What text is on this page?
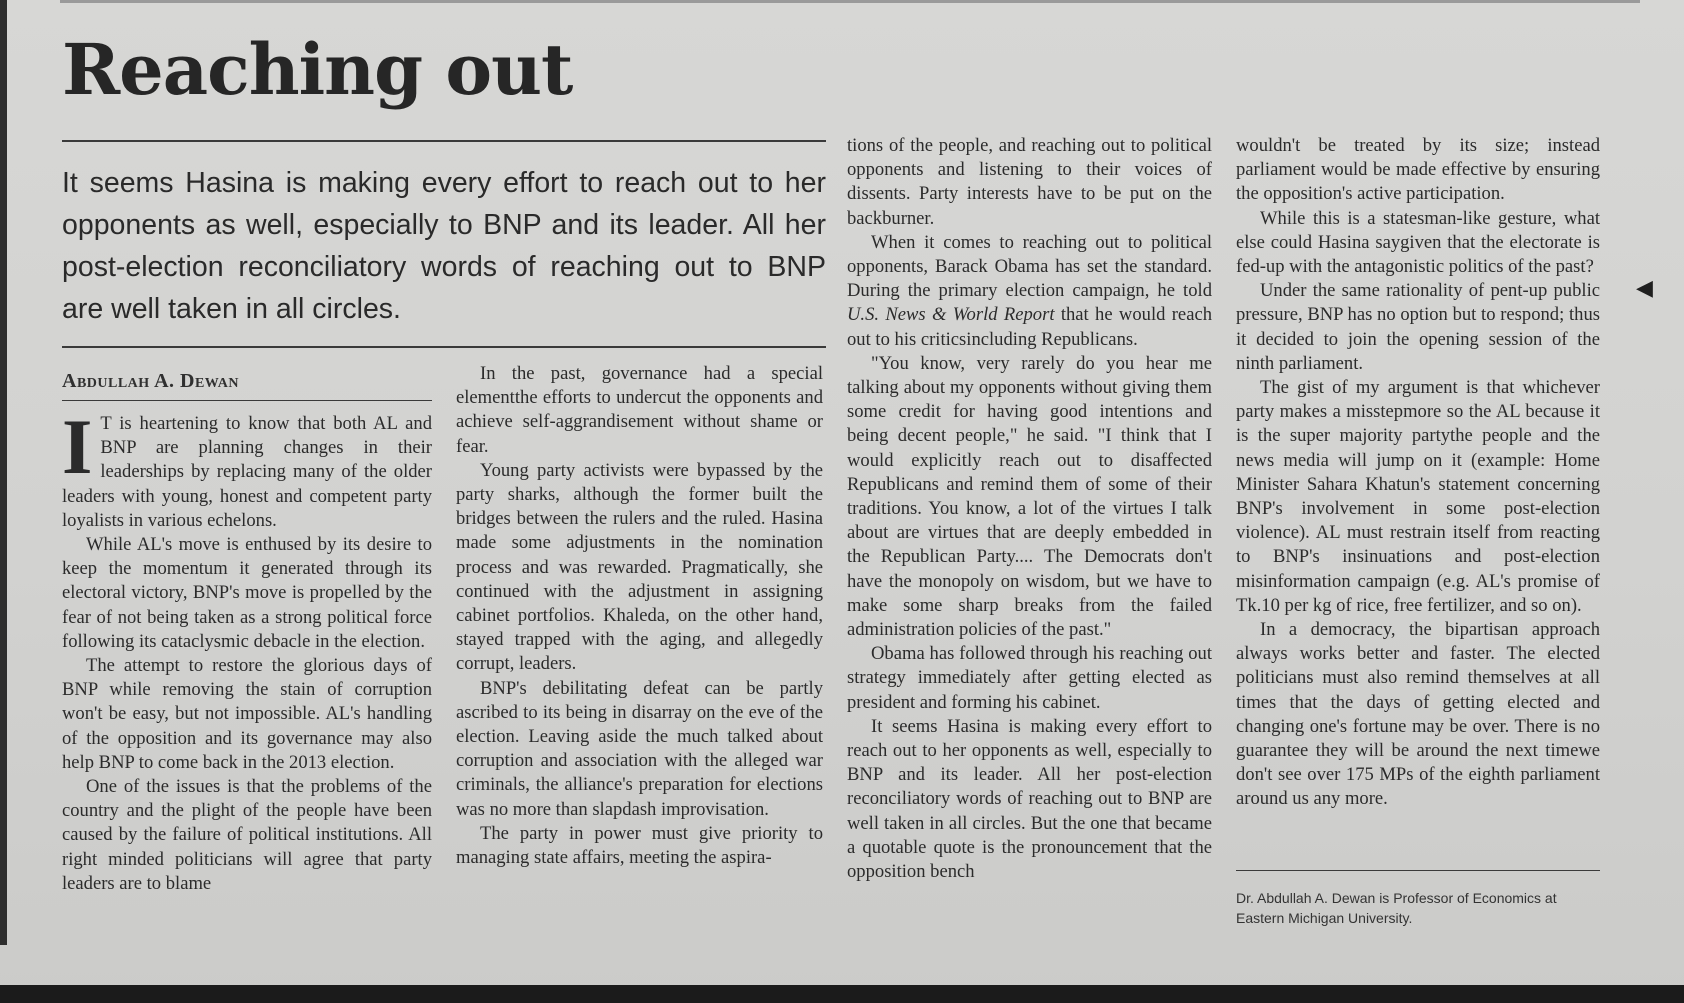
Reaching out

It seems Hasina is making every effort to reach out to her opponents as well, especially to BNP and its leader. All her post-election reconciliatory words of reaching out to BNP are well taken in all circles.

Abdullah A. Dewan

I T is heartening to know that both AL and BNP are planning changes in their leaderships by replacing many of the older leaders with young, honest and competent party loyalists in various echelons.

While AL's move is enthused by its desire to keep the momentum it generated through its electoral victory, BNP's move is propelled by the fear of not being taken as a strong political force following its cataclysmic debacle in the election.

The attempt to restore the glorious days of BNP while removing the stain of corruption won't be easy, but not impossible. AL's handling of the opposition and its governance may also help BNP to come back in the 2013 election.

One of the issues is that the problems of the country and the plight of the people have been caused by the failure of political institutions. All right minded politicians will agree that party leaders are to blame

In the past, governance had a special elementthe efforts to undercut the opponents and achieve self-aggrandisement without shame or fear.

Young party activists were bypassed by the party sharks, although the former built the bridges between the rulers and the ruled. Hasina made some adjustments in the nomination process and was rewarded. Pragmatically, she continued with the adjustment in assigning cabinet portfolios. Khaleda, on the other hand, stayed trapped with the aging, and allegedly corrupt, leaders.

BNP's debilitating defeat can be partly ascribed to its being in disarray on the eve of the election. Leaving aside the much talked about corruption and association with the alleged war criminals, the alliance's preparation for elections was no more than slapdash improvisation.

The party in power must give priority to managing state affairs, meeting the aspira-

tions of the people, and reaching out to political opponents and listening to their voices of dissents. Party interests have to be put on the backburner.

When it comes to reaching out to political opponents, Barack Obama has set the standard. During the primary election campaign, he told U.S. News & World Report that he would reach out to his criticsincluding Republicans.

"You know, very rarely do you hear me talking about my opponents without giving them some credit for having good intentions and being decent people," he said. "I think that I would explicitly reach out to disaffected Republicans and remind them of some of their traditions. You know, a lot of the virtues I talk about are virtues that are deeply embedded in the Republican Party.... The Democrats don't have the monopoly on wisdom, but we have to make some sharp breaks from the failed administration policies of the past."

Obama has followed through his reaching out strategy immediately after getting elected as president and forming his cabinet.

It seems Hasina is making every effort to reach out to her opponents as well, especially to BNP and its leader. All her post-election reconciliatory words of reaching out to BNP are well taken in all circles. But the one that became a quotable quote is the pronouncement that the opposition bench

wouldn't be treated by its size; instead parliament would be made effective by ensuring the opposition's active participation.

While this is a statesman-like gesture, what else could Hasina saygiven that the electorate is fed-up with the antagonistic politics of the past?

Under the same rationality of pent-up public pressure, BNP has no option but to respond; thus it decided to join the opening session of the ninth parliament.

The gist of my argument is that whichever party makes a misstepmore so the AL because it is the super majority partythe people and the news media will jump on it (example: Home Minister Sahara Khatun's statement concerning BNP's involvement in some post-election violence). AL must restrain itself from reacting to BNP's insinuations and post-election misinformation campaign (e.g. AL's promise of Tk.10 per kg of rice, free fertilizer, and so on).

In a democracy, the bipartisan approach always works better and faster. The elected politicians must also remind themselves at all times that the days of getting elected and changing one's fortune may be over. There is no guarantee they will be around the next timewe don't see over 175 MPs of the eighth parliament around us any more.

Dr. Abdullah A. Dewan is Professor of Economics at Eastern Michigan University.

◀
